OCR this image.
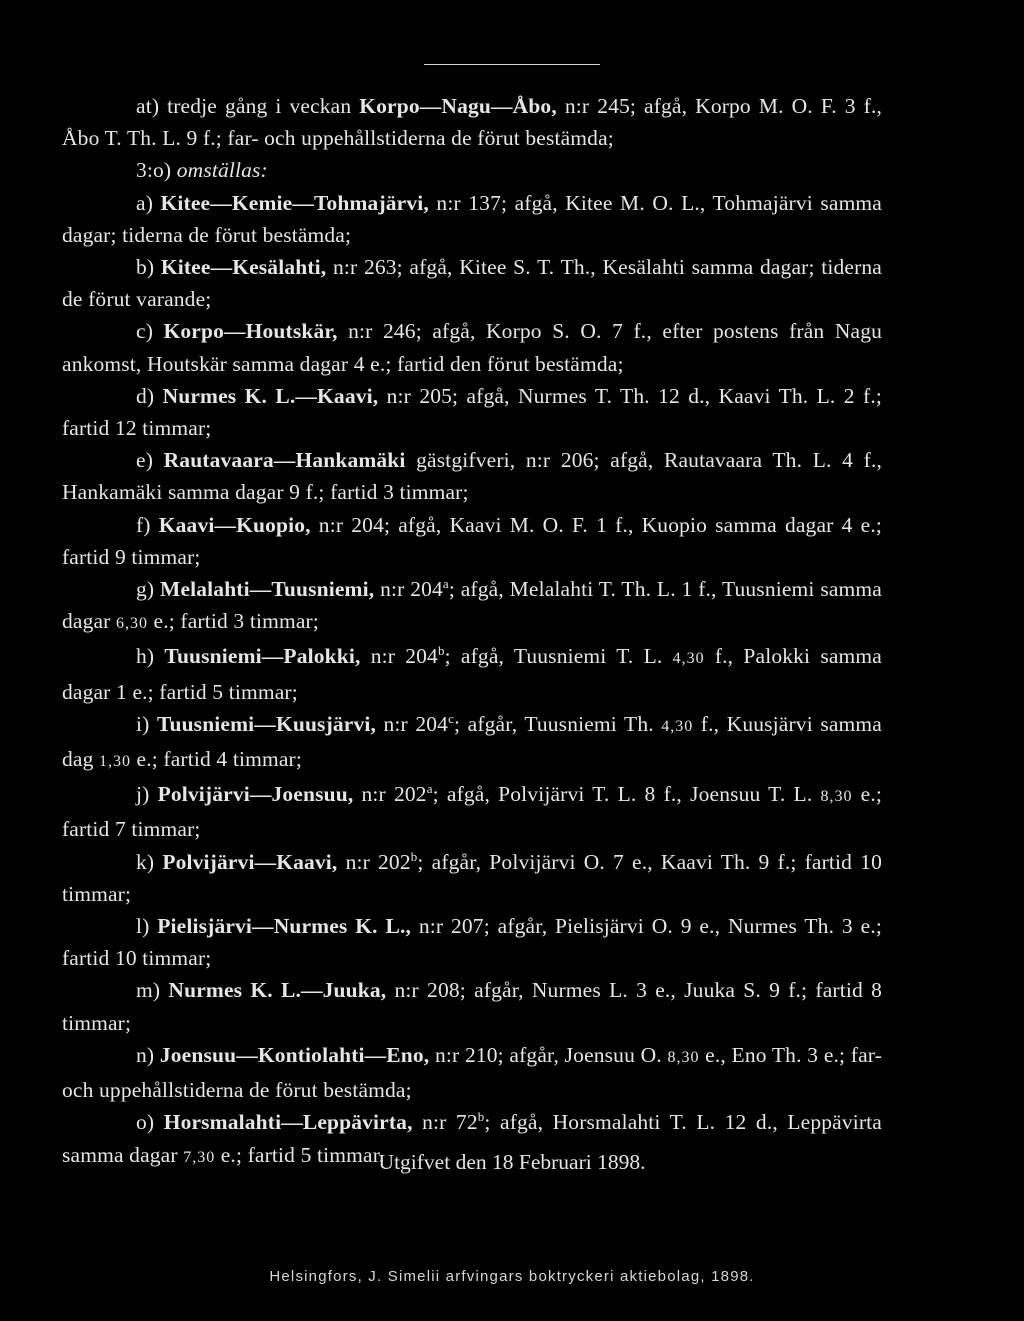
at) tredje gång i veckan Korpo—Nagu—Åbo, n:r 245; afgå, Korpo M. O. F. 3 f., Åbo T. Th. L. 9 f.; far- och uppehållstiderna de förut bestämda;

3:o) omställas:

a) Kitee—Kemie—Tohmajärvi, n:r 137; afgå, Kitee M. O. L., Tohmajärvi samma dagar; tiderna de förut bestämda;

b) Kitee—Kesälahti, n:r 263; afgå, Kitee S. T. Th., Kesälahti samma dagar; tiderna de förut varande;

c) Korpo—Houtskär, n:r 246; afgå, Korpo S. O. 7 f., efter postens från Nagu ankomst, Houtskär samma dagar 4 e.; fartid den förut bestämda;

d) Nurmes K. L.—Kaavi, n:r 205; afgå, Nurmes T. Th. 12 d., Kaavi Th. L. 2 f.; fartid 12 timmar;

e) Rautavaara—Hankamäki gästgifveri, n:r 206; afgå, Rautavaara Th. L. 4 f., Hankamäki samma dagar 9 f.; fartid 3 timmar;

f) Kaavi—Kuopio, n:r 204; afgå, Kaavi M. O. F. 1 f., Kuopio samma dagar 4 e.; fartid 9 timmar;

g) Melalahti—Tuusniemi, n:r 204$^a$; afgå, Melalahti T. Th. L. 1 f., Tuusniemi samma dagar 6,30 e.; fartid 3 timmar;

h) Tuusniemi—Palokki, n:r 204$^b$; afgå, Tuusniemi T. L. 4,30 f., Palokki samma dagar 1 e.; fartid 5 timmar;

i) Tuusniemi—Kuusjärvi, n:r 204$^c$; afgår, Tuusniemi Th. 4,30 f., Kuusjärvi samma dag 1,30 e.; fartid 4 timmar;

j) Polvijärvi—Joensuu, n:r 202$^a$; afgå, Polvijärvi T. L. 8 f., Joensuu T. L. 8,30 e.; fartid 7 timmar;

k) Polvijärvi—Kaavi, n:r 202$^b$; afgår, Polvijärvi O. 7 e., Kaavi Th. 9 f.; fartid 10 timmar;

l) Pielisjärvi—Nurmes K. L., n:r 207; afgår, Pielisjärvi O. 9 e., Nurmes Th. 3 e.; fartid 10 timmar;

m) Nurmes K. L.—Juuka, n:r 208; afgår, Nurmes L. 3 e., Juuka S. 9 f.; fartid 8 timmar;

n) Joensuu—Kontiolahti—Eno, n:r 210; afgår, Joensuu O. 8,30 e., Eno Th. 3 e.; far- och uppehållstiderna de förut bestämda;

o) Horsmalahti—Leppävirta, n:r 72$^b$; afgå, Horsmalahti T. L. 12 d., Leppävirta samma dagar 7,30 e.; fartid 5 timmar.

Utgifvet den 18 Februari 1898.
Helsingfors, J. Simelii arfvingars boktryckeri aktiebolag, 1898.
